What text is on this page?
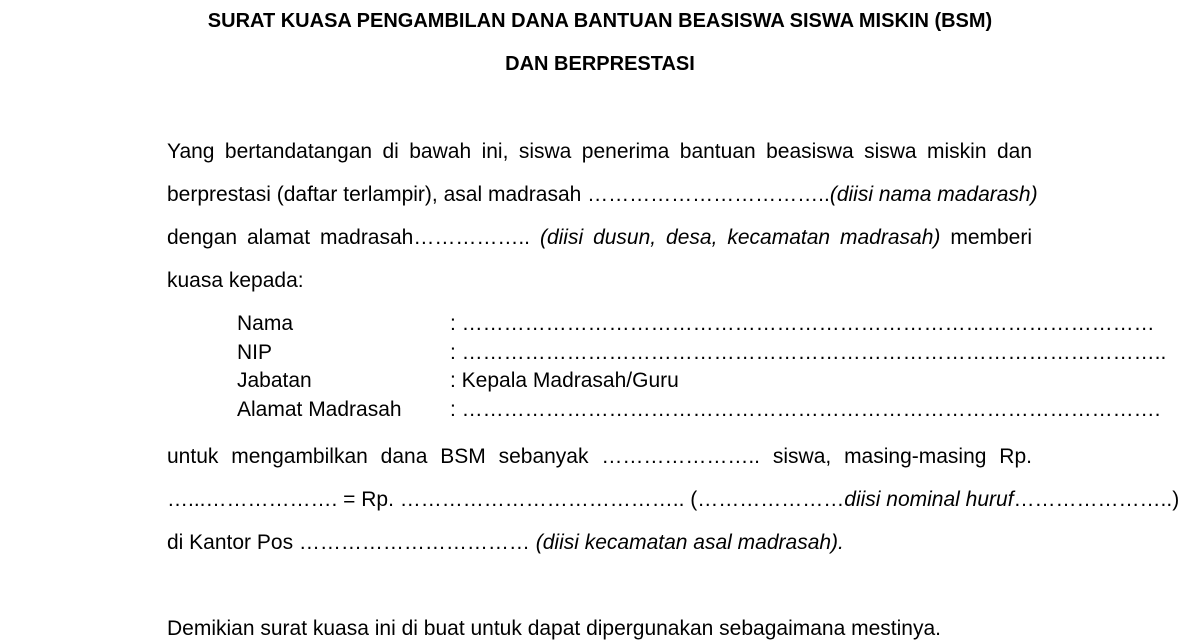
SURAT KUASA PENGAMBILAN DANA BANTUAN BEASISWA SISWA MISKIN (BSM)
DAN BERPRESTASI
Yang bertandatangan di bawah ini, siswa penerima bantuan beasiswa siswa miskin dan
berprestasi (daftar terlampir), asal madrasah ……………………………..(diisi nama madarash)
dengan alamat madrasah…………….. (diisi dusun, desa, kecamatan madrasah) memberi
kuasa kepada:
Nama	: ………………………………………………………………………………………
NIP	: ………………………………………………………………………………………..
Jabatan	: Kepala Madrasah/Guru
Alamat Madrasah : ……………………………………………………………………………………….
untuk mengambilkan dana BSM sebanyak ………………….. siswa, masing-masing Rp.
…...………………. = Rp. ………………………………….. (…………………diisi nominal huruf…………………..)
di Kantor Pos …………………………… (diisi kecamatan asal madrasah).
Demikian surat kuasa ini di buat untuk dapat dipergunakan sebagaimana mestinya.
